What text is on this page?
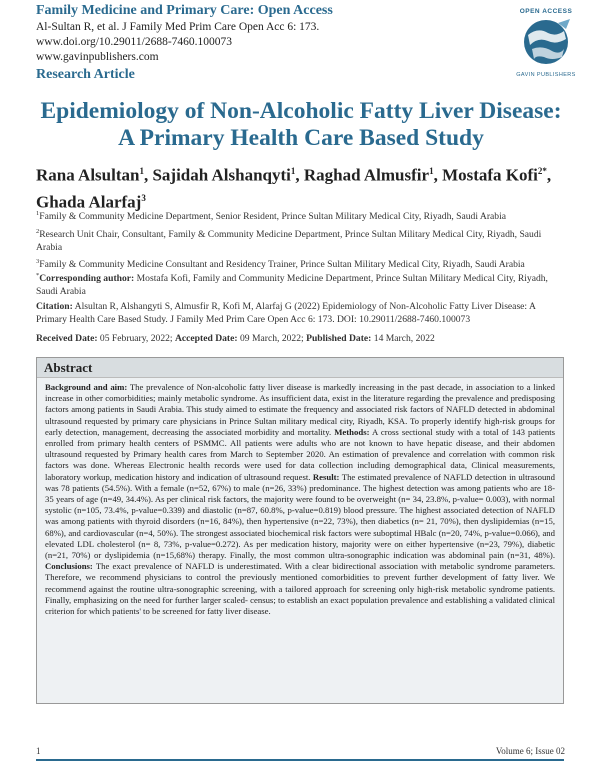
Family Medicine and Primary Care: Open Access
Al-Sultan R, et al. J Family Med Prim Care Open Acc 6: 173.
www.doi.org/10.29011/2688-7460.100073
www.gavinpublishers.com
Research Article
OPEN ACCESS
GAVIN PUBLISHERS
Epidemiology of Non-Alcoholic Fatty Liver Disease: A Primary Health Care Based Study
Rana Alsultan$^1$, Sajidah Alshanqyti$^1$, Raghad Almusfir$^1$, Mostafa Kofi$^{2*}$, Ghada Alarfaj$^3$
$^1$Family & Community Medicine Department, Senior Resident, Prince Sultan Military Medical City, Riyadh, Saudi Arabia
$^2$Research Unit Chair, Consultant, Family & Community Medicine Department, Prince Sultan Military Medical City, Riyadh, Saudi Arabia
$^3$Family & Community Medicine Consultant and Residency Trainer, Prince Sultan Military Medical City, Riyadh, Saudi Arabia
*Corresponding author: Mostafa Kofi, Family and Community Medicine Department, Prince Sultan Military Medical City, Riyadh, Saudi Arabia
Citation: Alsultan R, Alshangyti S, Almusfir R, Kofi M, Alarfaj G (2022) Epidemiology of Non-Alcoholic Fatty Liver Disease: A Primary Health Care Based Study. J Family Med Prim Care Open Acc 6: 173. DOI: 10.29011/2688-7460.100073
Received Date: 05 February, 2022; Accepted Date: 09 March, 2022; Published Date: 14 March, 2022
Abstract
Background and aim: The prevalence of Non-alcoholic fatty liver disease is markedly increasing in the past decade, in association to a linked increase in other comorbidities; mainly metabolic syndrome. As insufficient data, exist in the literature regarding the prevalence and predisposing factors among patients in Saudi Arabia. This study aimed to estimate the frequency and associated risk factors of NAFLD detected in abdominal ultrasound requested by primary care physicians in Prince Sultan military medical city, Riyadh, KSA. To properly identify high-risk groups for early detection, management, decreasing the associated morbidity and mortality. Methods: A cross sectional study with a total of 143 patients enrolled from primary health centers of PSMMC. All patients were adults who are not known to have hepatic disease, and their abdomen ultrasound requested by Primary health cares from March to September 2020. An estimation of prevalence and correlation with common risk factors was done. Whereas Electronic health records were used for data collection including demographical data, Clinical measurements, laboratory workup, medication history and indication of ultrasound request. Result: The estimated prevalence of NAFLD detection in ultrasound was 78 patients (54.5%). With a female (n=52, 67%) to male (n=26, 33%) predominance. The highest detection was among patients who are 18-35 years of age (n=49, 34.4%). As per clinical risk factors, the majority were found to be overweight (n= 34, 23.8%, p-value= 0.003), with normal systolic (n=105, 73.4%, p-value=0.339) and diastolic (n=87, 60.8%, p-value=0.819) blood pressure. The highest associated detection of NAFLD was among patients with thyroid disorders (n=16, 84%), then hypertensive (n=22, 73%), then diabetics (n= 21, 70%), then dyslipidemias (n=15, 68%), and cardiovascular (n=4, 50%). The strongest associated biochemical risk factors were suboptimal HBalc (n=20, 74%, p-value=0.066), and elevated LDL cholesterol (n= 8, 73%, p-value=0.272). As per medication history, majority were on either hypertensive (n=23, 79%), diabetic (n=21, 70%) or dyslipidemia (n=15,68%) therapy. Finally, the most common ultra-sonographic indication was abdominal pain (n=31, 48%). Conclusions: The exact prevalence of NAFLD is underestimated. With a clear bidirectional association with metabolic syndrome parameters. Therefore, we recommend physicians to control the previously mentioned comorbidities to prevent further development of fatty liver. We recommend against the routine ultra-sonographic screening, with a tailored approach for screening only high-risk metabolic syndrome patients. Finally, emphasizing on the need for further larger scaled- census; to establish an exact population prevalence and establishing a validated clinical criterion for which patients' to be screened for fatty liver disease.
1	Volume 6; Issue 02
